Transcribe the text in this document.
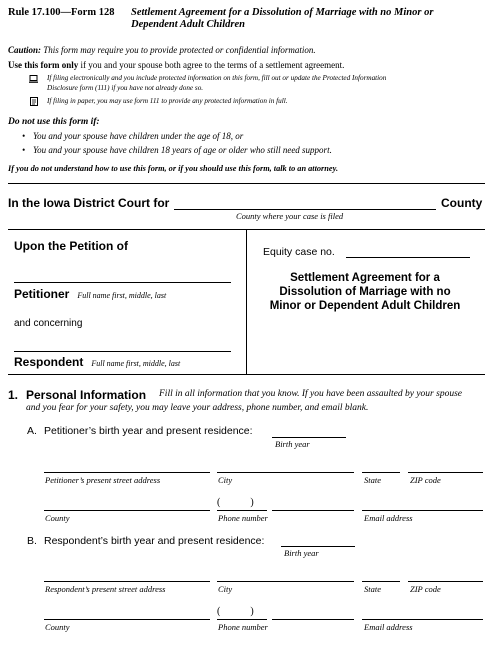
Rule 17.100—Form 128 Settlement Agreement for a Dissolution of Marriage with no Minor or
Dependent Adult Children
Caution: This form may require you to provide protected or confidential information.
Use this form only if you and your spouse both agree to the terms of a settlement agreement.
If filing electronically and you include protected information on this form, fill out or update the Protected Information
Disclosure form (111) if you have not already done so.
If filing in paper, you may use form 111 to provide any protected information in full.
Do not use this form if:
• You and your spouse have children under the age of 18, or
• You and your spouse have children 18 years of age or older who still need support.
If you do not understand how to use this form, or if you should use this form, talk to an attorney.
In the Iowa District Court for	County
County where your case is filed
Upon the Petition of
Petitioner Full name first, middle, last
and concerning
Respondent Full name first, middle, last
Equity case no.
Settlement Agreement for a
Dissolution of Marriage with no
Minor or Dependent Adult Children
1. Personal Information Fill in all information that you know. If you have been assaulted by your spouse
and you fear for your safety, you may leave your address, phone number, and email blank.
A. Petitioner’s birth year and present residence:
Birth year
Petitioner’s present street address	City	State	ZIP code
(            )
County	Phone number	Email address
B. Respondent’s birth year and present residence:
Birth year
Respondent’s present street address	City	State	ZIP code
(            )
County	Phone number	Email address
